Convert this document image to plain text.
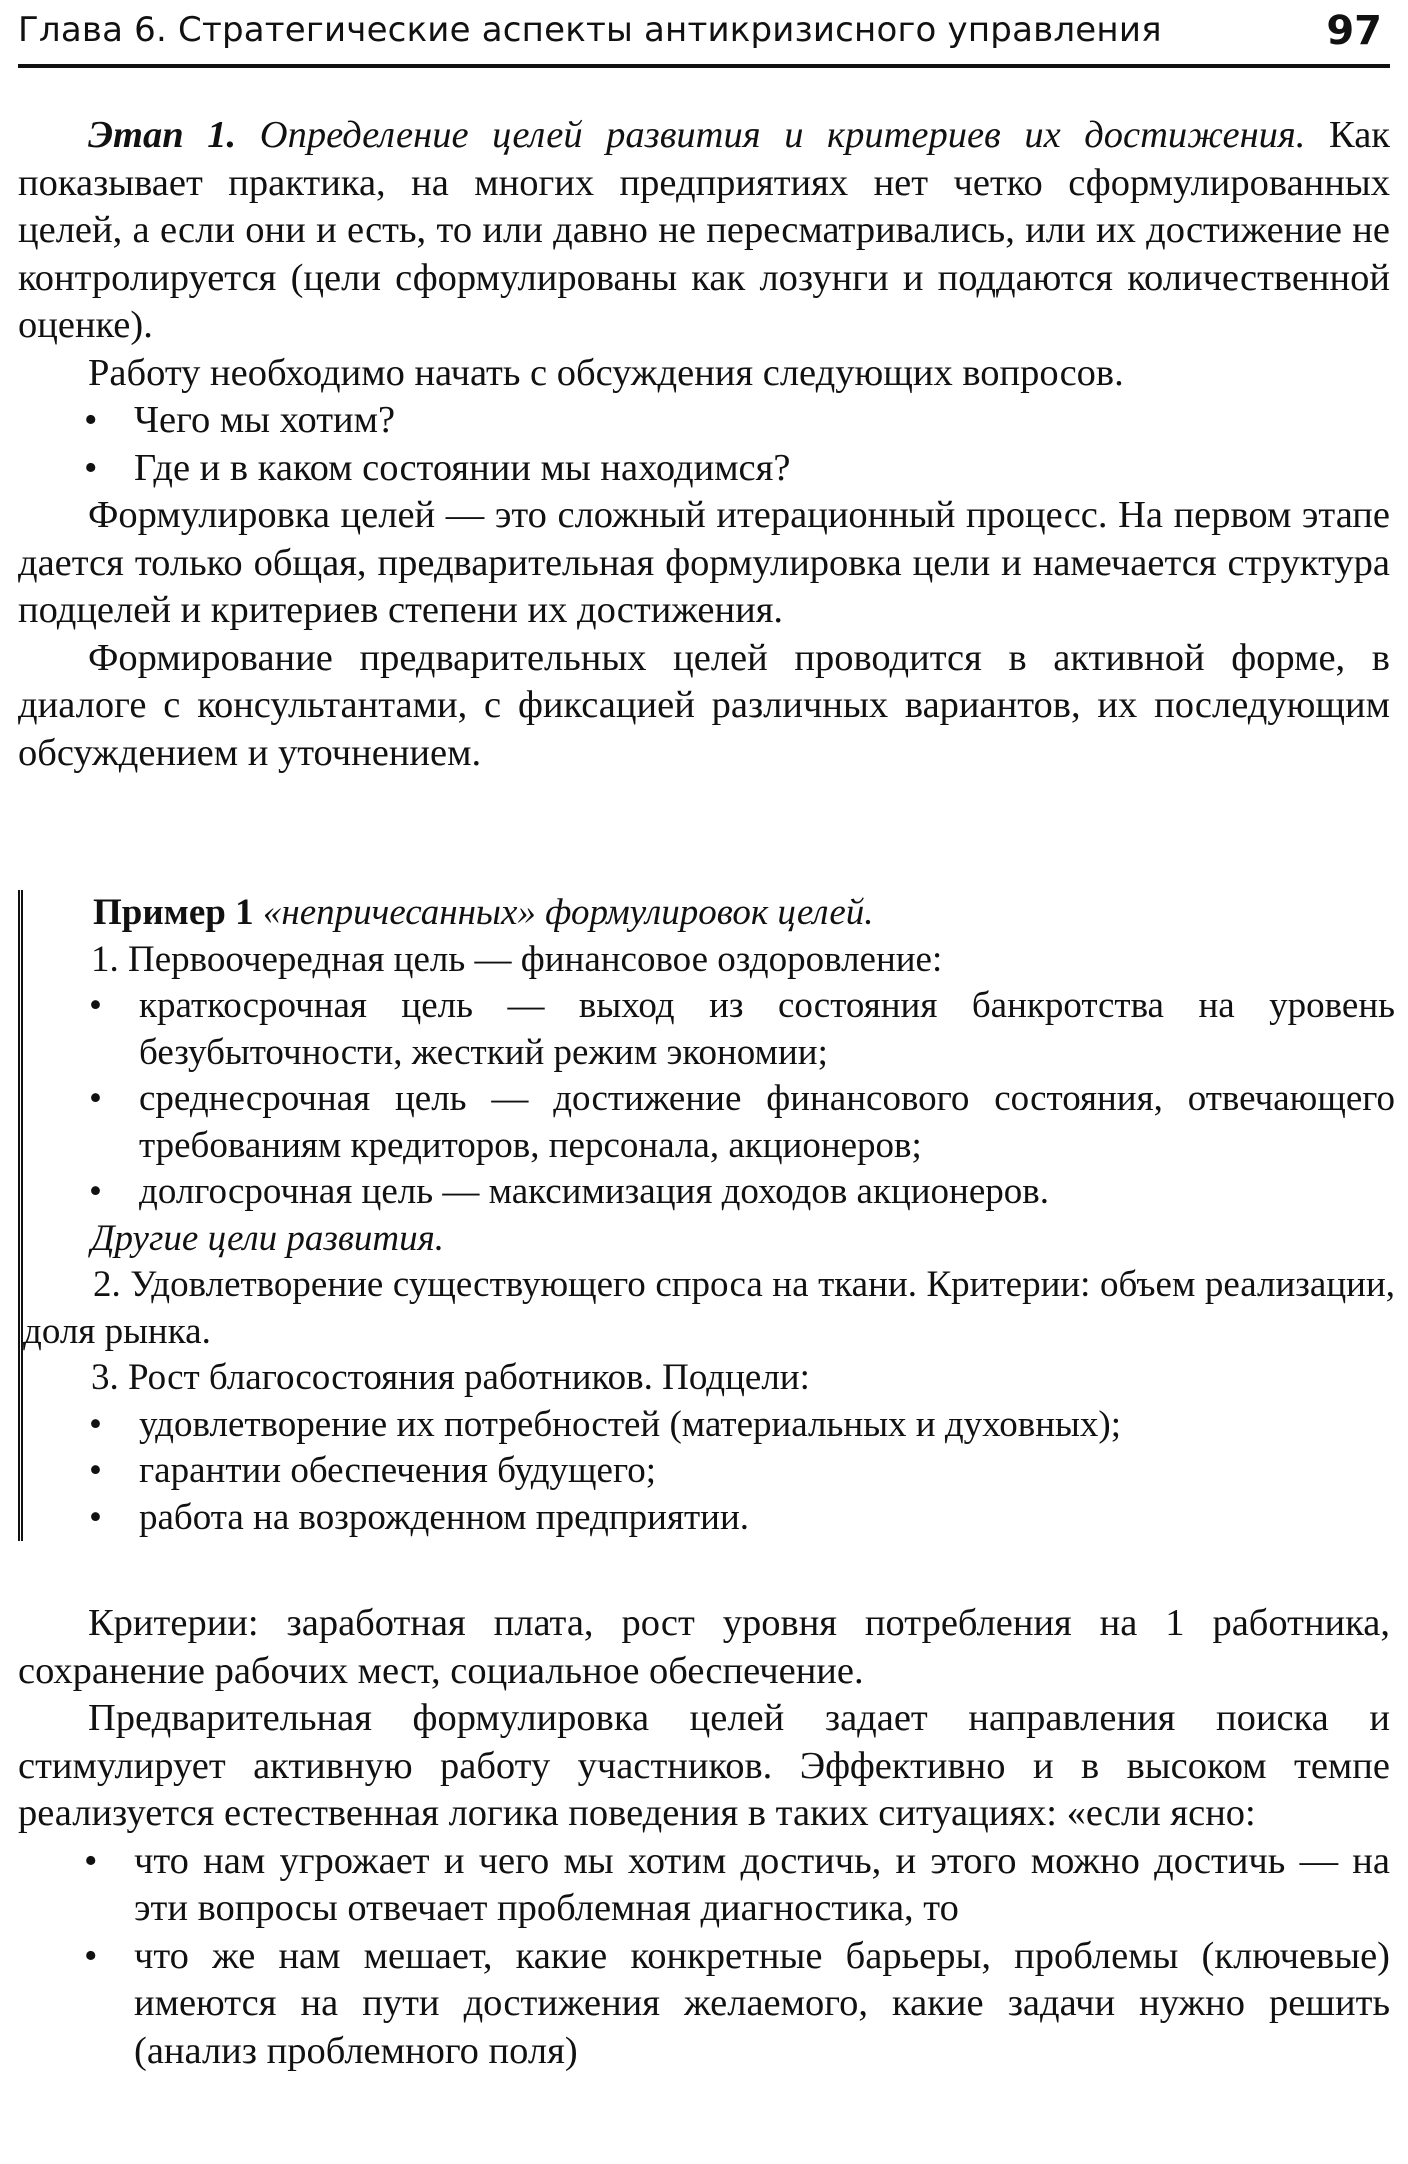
Глава 6. Стратегические аспекты антикризисного управления	97

Этап 1. Определение целей развития и критериев их достижения. Как показывает практика, на многих предприятиях нет четко сформулированных целей, а если они и есть, то или давно не пересматривались, или их достижение не контролируется (цели сформулированы как лозунги и поддаются количественной оценке).

Работу необходимо начать с обсуждения следующих вопросов.

• Чего мы хотим?
• Где и в каком состоянии мы находимся?

Формулировка целей — это сложный итерационный процесс. На первом этапе дается только общая, предварительная формулировка цели и намечается структура подцелей и критериев степени их достижения.

Формирование предварительных целей проводится в активной форме, в диалоге с консультантами, с фиксацией различных вариантов, их последующим обсуждением и уточнением.

Пример 1 «непричесанных» формулировок целей.

1. Первоочередная цель — финансовое оздоровление:

• краткосрочная цель — выход из состояния банкротства на уровень безубыточности, жесткий режим экономии;
• среднесрочная цель — достижение финансового состояния, отвечающего требованиям кредиторов, персонала, акционеров;
• долгосрочная цель — максимизация доходов акционеров.

Другие цели развития.

2. Удовлетворение существующего спроса на ткани. Критерии: объем реализации, доля рынка.

3. Рост благосостояния работников. Подцели:

• удовлетворение их потребностей (материальных и духовных);
• гарантии обеспечения будущего;
• работа на возрожденном предприятии.

Критерии: заработная плата, рост уровня потребления на 1 работника, сохранение рабочих мест, социальное обеспечение.

Предварительная формулировка целей задает направления поиска и стимулирует активную работу участников. Эффективно и в высоком темпе реализуется естественная логика поведения в таких ситуациях: «если ясно:

• что нам угрожает и чего мы хотим достичь, и этого можно достичь — на эти вопросы отвечает проблемная диагностика, то
• что же нам мешает, какие конкретные барьеры, проблемы (ключевые) имеются на пути достижения желаемого, какие задачи нужно решить (анализ проблемного поля)
